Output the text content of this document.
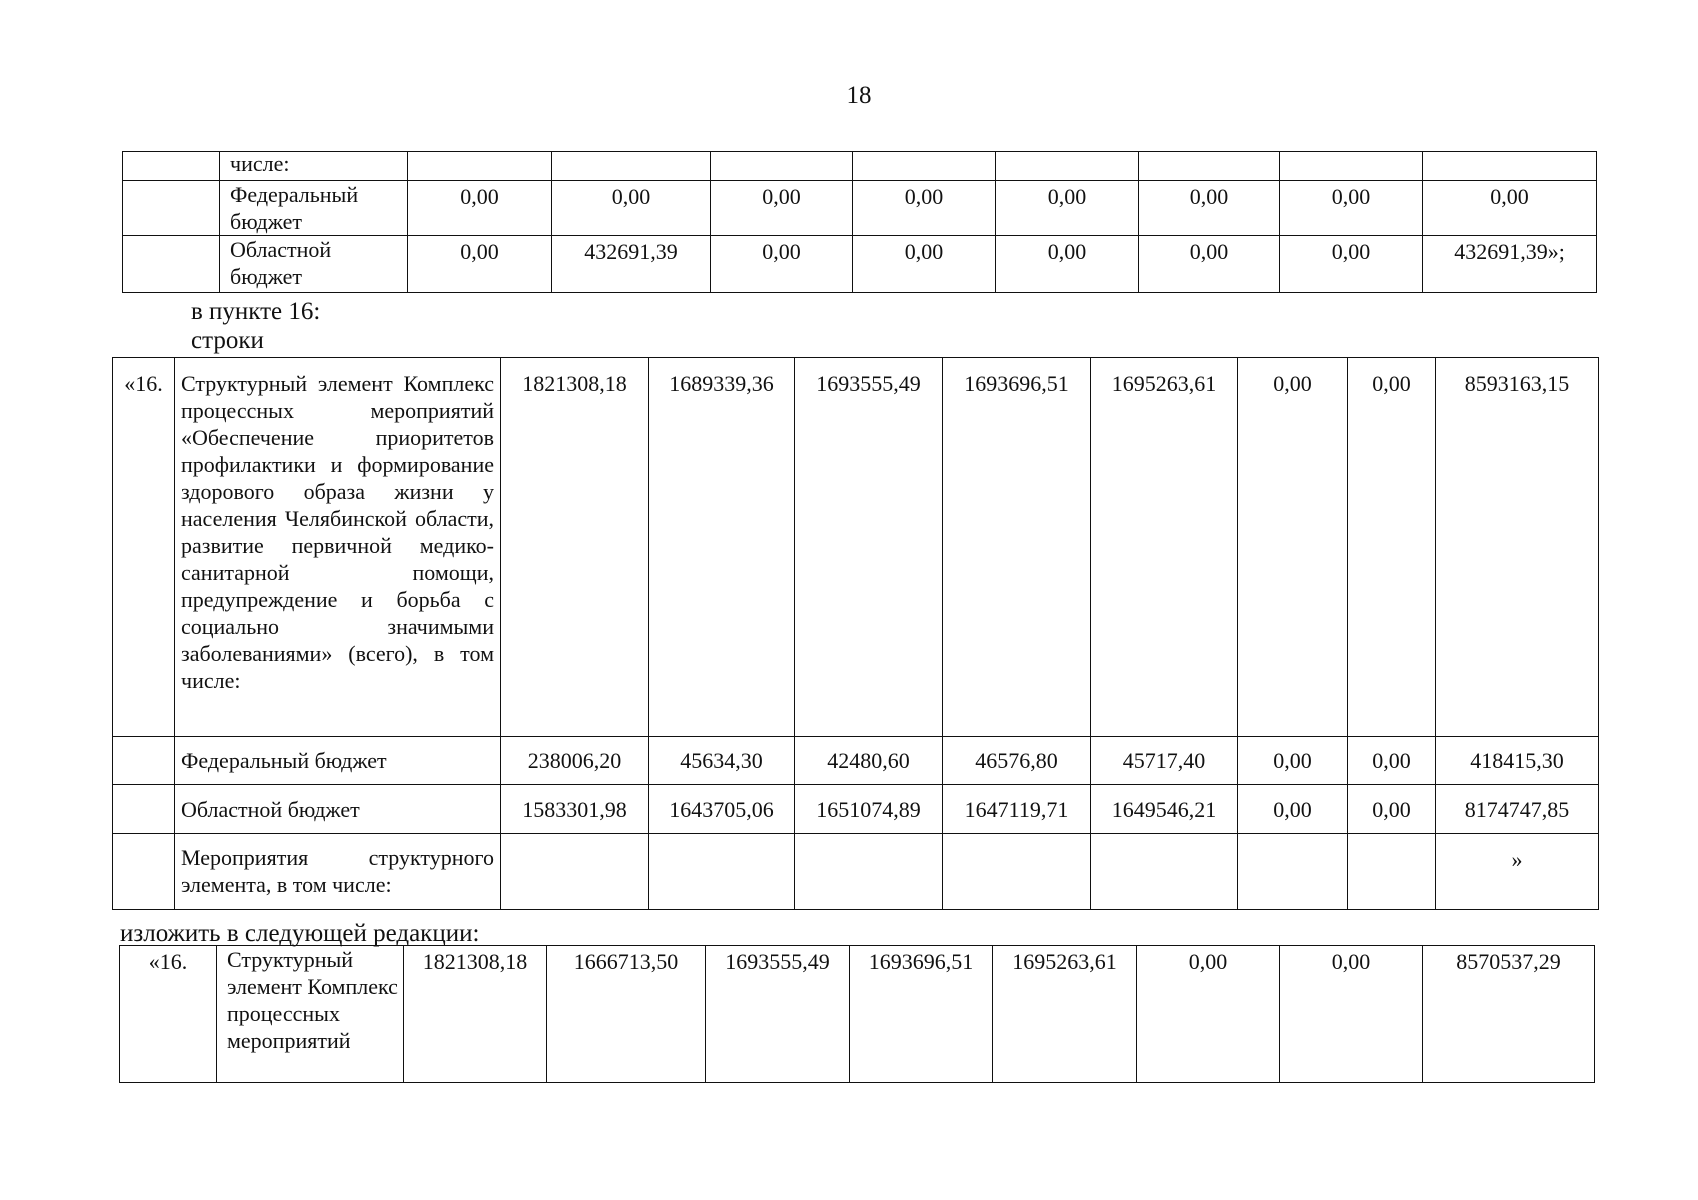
18
	числе:								
	Федеральный бюджет	0,00	0,00	0,00	0,00	0,00	0,00	0,00	0,00
	Областной бюджет	0,00	432691,39	0,00	0,00	0,00	0,00	0,00	432691,39»;
в пункте 16:
строки
«16.	Структурный элемент Комплекс процессных мероприятий «Обеспечение приоритетов профилактики и формирование здорового образа жизни у населения Челябинской области, развитие первичной медико-санитарной помощи, предупреждение и борьба с социально значимыми заболеваниями» (всего), в том числе:	1821308,18	1689339,36	1693555,49	1693696,51	1695263,61	0,00	0,00	8593163,15
	Федеральный бюджет	238006,20	45634,30	42480,60	46576,80	45717,40	0,00	0,00	418415,30
	Областной бюджет	1583301,98	1643705,06	1651074,89	1647119,71	1649546,21	0,00	0,00	8174747,85
	Мероприятия структурного элемента, в том числе:								»
изложить в следующей редакции:
«16.	Структурный элемент Комплекс процессных мероприятий	1821308,18	1666713,50	1693555,49	1693696,51	1695263,61	0,00	0,00	8570537,29
